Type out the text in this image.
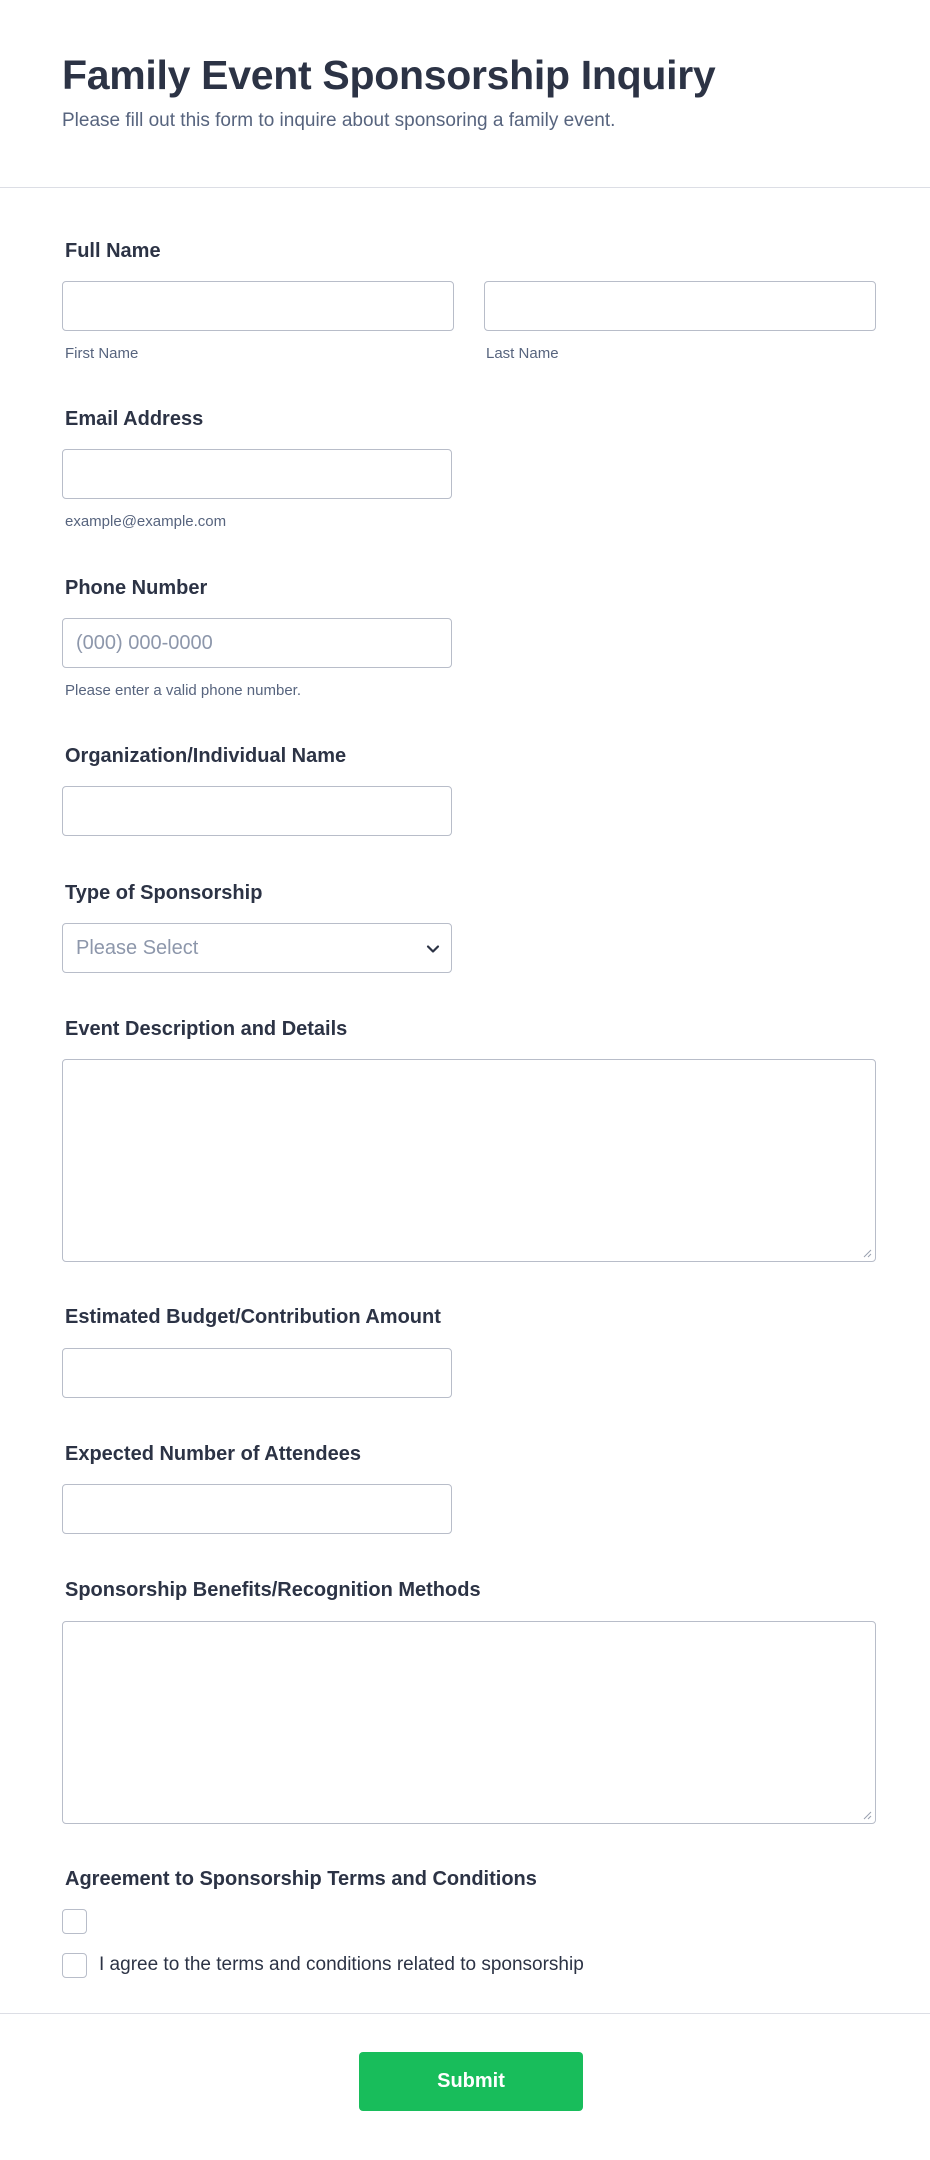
Family Event Sponsorship Inquiry
Please fill out this form to inquire about sponsoring a family event.
Full Name
First Name	Last Name
Email Address
example@example.com
Phone Number
(000) 000-0000
Please enter a valid phone number.
Organization/Individual Name
Type of Sponsorship
Please Select
Event Description and Details
Estimated Budget/Contribution Amount
Expected Number of Attendees
Sponsorship Benefits/Recognition Methods
Agreement to Sponsorship Terms and Conditions
I agree to the terms and conditions related to sponsorship
Submit
